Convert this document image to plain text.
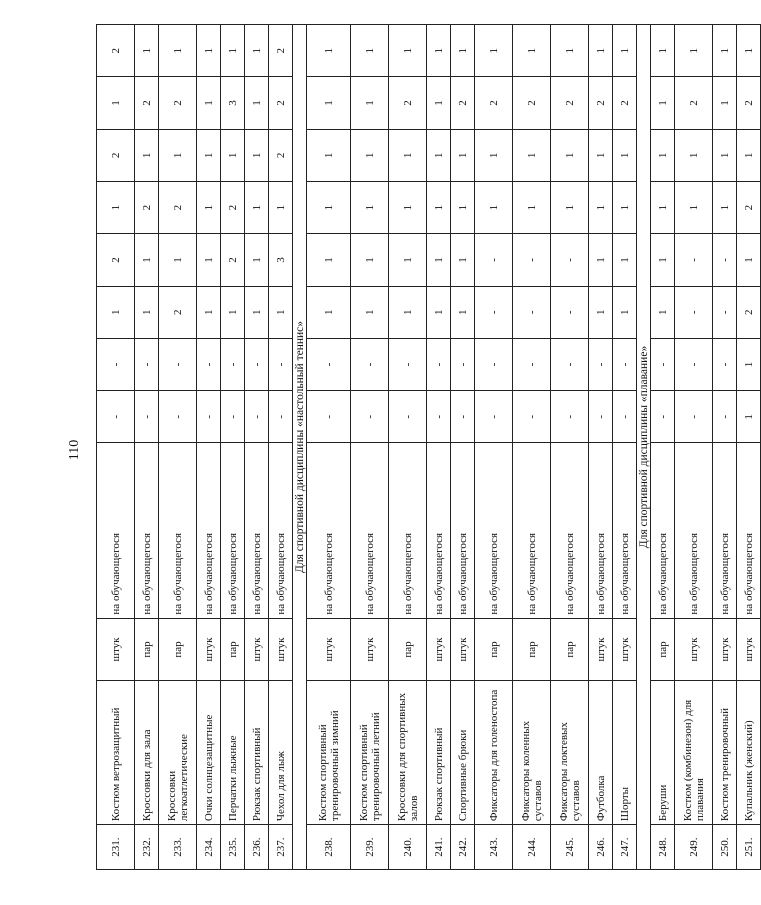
110
231.	Костюм ветрозащитный	штук	на обучающегося	-	-	1	2	1	2	1	2
232.	Кроссовки для зала	пар	на обучающегося	-	-	1	1	2	1	2	1
233.	Кроссовки легкоатлетические	пар	на обучающегося	-	-	2	1	2	1	2	1
234.	Очки солнцезащитные	штук	на обучающегося	-	-	1	1	1	1	1	1
235.	Перчатки лыжные	пар	на обучающегося	-	-	1	2	2	1	3	1
236.	Рюкзак спортивный	штук	на обучающегося	-	-	1	1	1	1	1	1
237.	Чехол для лыж	штук	на обучающегося	-	-	1	3	1	2	2	2
Для спортивной дисциплины «настольный теннис»											
238.	Костюм спортивный тренировочный зимний	штук	на обучающегося	-	-	1	1	1	1	1	1
239.	Костюм спортивный тренировочный летний	штук	на обучающегося	-	-	1	1	1	1	1	1
240.	Кроссовки для спортивных залов	пар	на обучающегося	-	-	1	1	1	1	2	1
241.	Рюкзак спортивный	штук	на обучающегося	-	-	1	1	1	1	1	1
242.	Спортивные брюки	штук	на обучающегося	-	-	1	1	1	1	2	1
243.	Фиксаторы для голеностопа	пар	на обучающегося	-	-	-	-	1	1	2	1
244.	Фиксаторы коленных суставов	пар	на обучающегося	-	-	-	-	1	1	2	1
245.	Фиксаторы локтевых суставов	пар	на обучающегося	-	-	-	-	1	1	2	1
246.	Футболка	штук	на обучающегося	-	-	1	1	1	1	2	1
247.	Шорты	штук	на обучающегося	-	-	1	1	1	1	2	1
Для спортивной дисциплины «плавание»											
248.	Беруши	пар	на обучающегося	-	-	1	1	1	1	1	1
249.	Костюм (комбинезон) для плавания	штук	на обучающегося	-	-	-	-	1	1	2	1
250.	Костюм тренировочный	штук	на обучающегося	-	-	-	-	1	1	1	1
251.	Купальник (женский)	штук	на обучающегося	1	1	2	1	2	1	2	1
